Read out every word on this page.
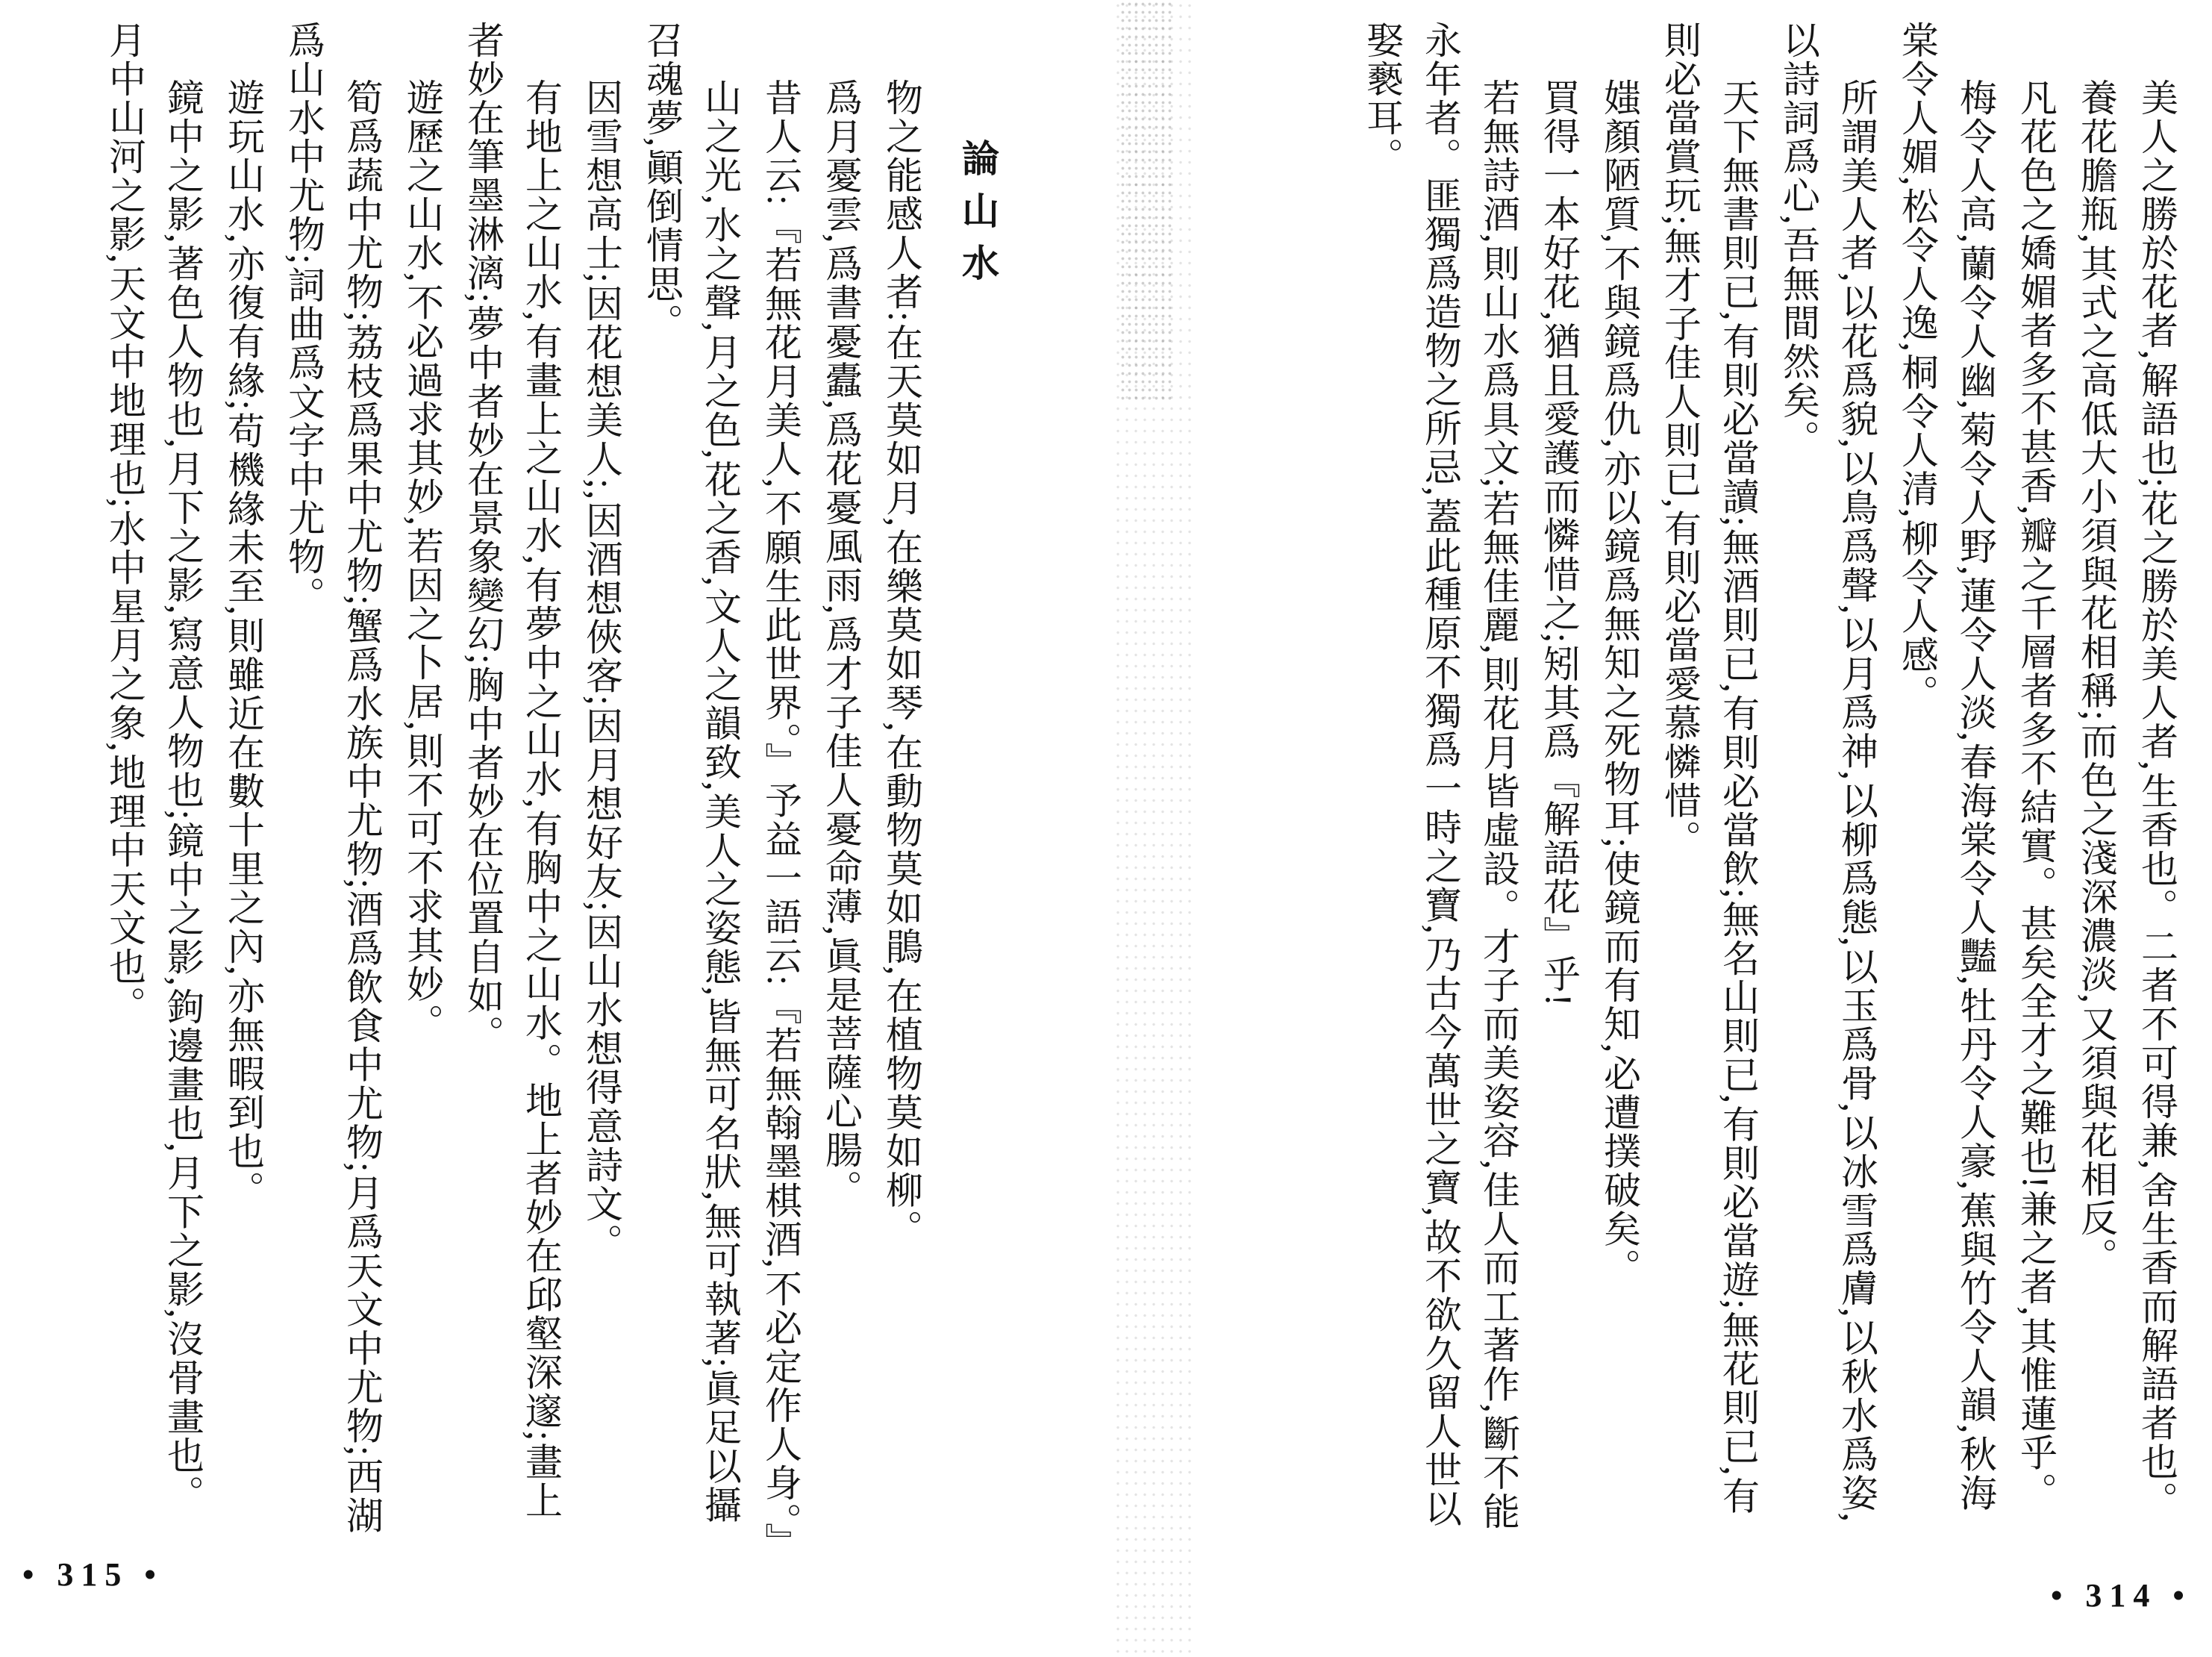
美人之勝於花者,解語也;花之勝於美人者,生香也。二者不可得兼,舍生香而解語者也。

養花膽瓶,其式之高低大小須與花相稱;而色之淺深濃淡,又須與花相反。

凡花色之嬌媚者多不甚香,瓣之千層者多不結實。甚矣全才之難也!兼之者,其惟蓮乎。

梅令人高,蘭令人幽,菊令人野,蓮令人淡,春海棠令人豔,牡丹令人豪,蕉與竹令人韻,秋海棠令人媚,松令人逸,桐令人清,柳令人感。

所謂美人者,以花爲貌,以鳥爲聲,以月爲神,以柳爲態,以玉爲骨,以冰雪爲膚,以秋水爲姿,以詩詞爲心,吾無間然矣。

天下無書則已,有則必當讀;無酒則已,有則必當飲;無名山則已,有則必當遊;無花則已,有則必當賞玩;無才子佳人則已,有則必當愛慕憐惜。

媸顏陋質,不與鏡爲仇,亦以鏡爲無知之死物耳;使鏡而有知,必遭撲破矣。

買得一本好花,猶且愛護而憐惜之;矧其爲『解語花』乎!

若無詩酒,則山水爲具文;若無佳麗,則花月皆虛設。才子而美姿容,佳人而工著作,斷不能永年者。匪獨爲造物之所忌,蓋此種原不獨爲一時之寶,乃古今萬世之寶,故不欲久留人世以娶褻耳。

論山水

物之能感人者:在天莫如月,在樂莫如琴,在動物莫如鵑,在植物莫如柳。

爲月憂雲,爲書憂蠹,爲花憂風雨,爲才子佳人憂命薄,眞是菩薩心腸。

昔人云:『若無花月美人,不願生此世界。』予益一語云:『若無翰墨棋酒,不必定作人身。』

山之光,水之聲,月之色,花之香,文人之韻致,美人之姿態,皆無可名狀,無可執著;眞足以攝召魂夢,顚倒情思。

因雪想高士;因花想美人;,因酒想俠客;因月想好友;因山水想得意詩文。

有地上之山水,有畫上之山水,有夢中之山水,有胸中之山水。地上者妙在邱壑深邃;畫上者妙在筆墨淋漓;夢中者妙在景象變幻;胸中者妙在位置自如。

遊歷之山水,不必過求其妙,若因之卜居,則不可不求其妙。

筍爲蔬中尤物;荔枝爲果中尤物;蟹爲水族中尤物;酒爲飲食中尤物;月爲天文中尤物;西湖爲山水中尤物;詞曲爲文字中尤物。

遊玩山水,亦復有緣;苟機緣未至,則雖近在數十里之內,亦無暇到也。

鏡中之影,著色人物也,月下之影,寫意人物也;鏡中之影,鉤邊畫也,月下之影,沒骨畫也。月中山河之影,天文中地理也;水中星月之象,地理中天文也。

• 315 •
• 314 •
